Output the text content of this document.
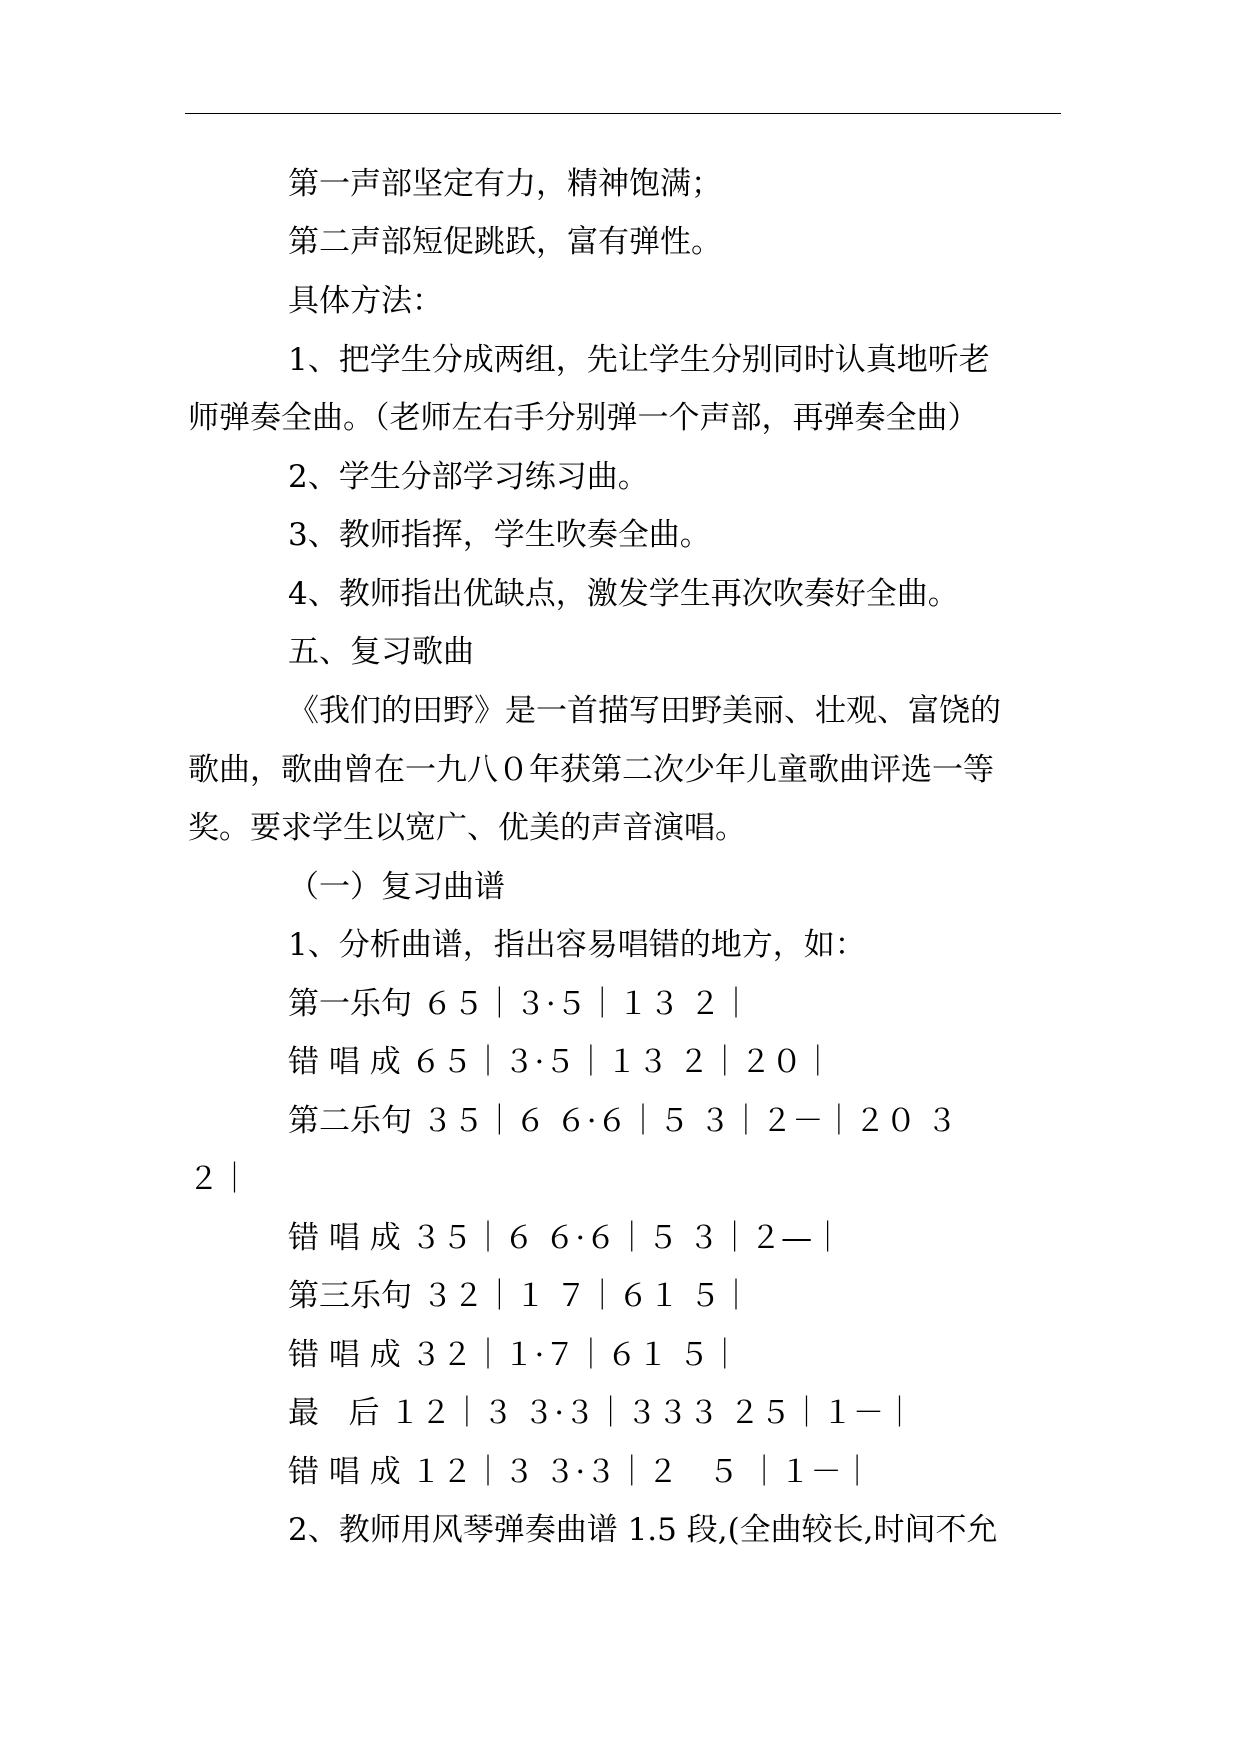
第一声部坚定有力，精神饱满；

第二声部短促跳跃，富有弹性。

具体方法：

1、把学生分成两组，先让学生分别同时认真地听老

师弹奏全曲。（老师左右手分别弹一个声部，再弹奏全曲）

2、学生分部学习练习曲。

3、教师指挥，学生吹奏全曲。

4、教师指出优缺点，激发学生再次吹奏好全曲。

五、复习歌曲

《我们的田野》是一首描写田野美丽、壮观、富饶的

歌曲，歌曲曾在一九八０年获第二次少年儿童歌曲评选一等

奖。要求学生以宽广、优美的声音演唱。

（一）复习曲谱

1、分析曲谱，指出容易唱错的地方，如：

第一乐句 ６５｜３·５｜１３ ２｜

错 唱 成 ６５｜３·５｜１３ ２｜２０｜

第二乐句 ３５｜６ ６·６｜５ ３｜２－｜２０ ３

２｜

错 唱 成 ３５｜６ ６·６｜５ ３｜２—｜

第三乐句 ３２｜１ ７｜６１ ５｜

错 唱 成 ３２｜１·７｜６１ ５｜

最   后 １２｜３ ３·３｜３３３ ２５｜１－｜

错 唱 成 １２｜３ ３·３｜２   ５ ｜１－｜

2、教师用风琴弹奏曲谱 1.5 段,(全曲较长,时间不允
